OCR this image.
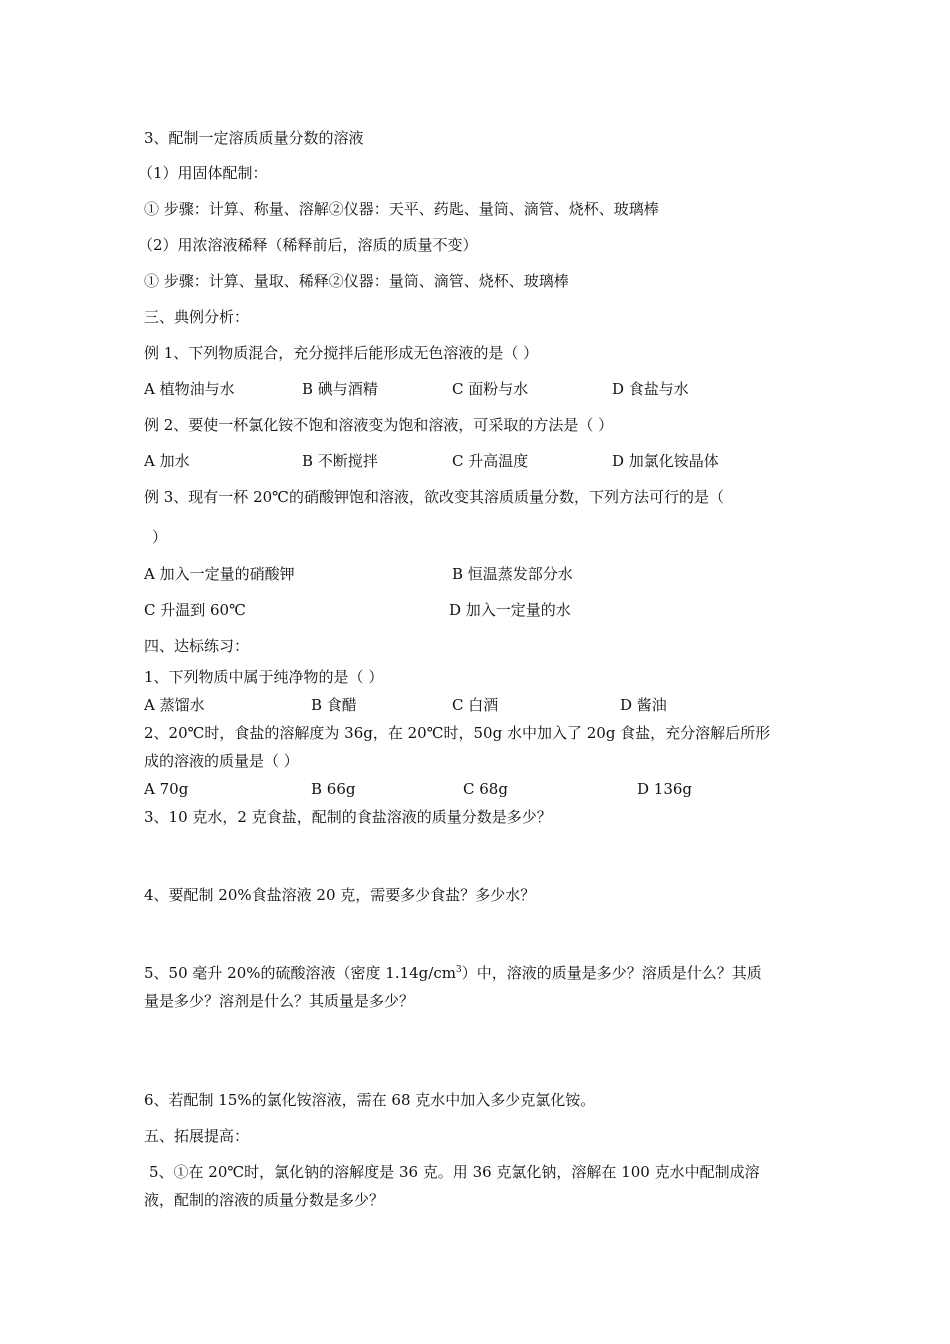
3、配制一定溶质质量分数的溶液
（1）用固体配制：
① 步骤：计算、称量、溶解②仪器：天平、药匙、量筒、滴管、烧杯、玻璃棒
（2）用浓溶液稀释（稀释前后，溶质的质量不变）
① 步骤：计算、量取、稀释②仪器：量筒、滴管、烧杯、玻璃棒
三、典例分析：
例 1、下列物质混合，充分搅拌后能形成无色溶液的是（ ）
A 植物油与水	B 碘与酒精	C 面粉与水	D 食盐与水
例 2、要使一杯氯化铵不饱和溶液变为饱和溶液，可采取的方法是（ ）
A 加水	B 不断搅拌	C 升高温度	D 加氯化铵晶体
例 3、现有一杯 20℃的硝酸钾饱和溶液，欲改变其溶质质量分数，下列方法可行的是（
）
A 加入一定量的硝酸钾	B 恒温蒸发部分水
C 升温到 60℃	D 加入一定量的水
四、达标练习：
1、下列物质中属于纯净物的是（ ）
A 蒸馏水	B 食醋	C 白酒	D 酱油
2、20℃时，食盐的溶解度为 36g，在 20℃时，50g 水中加入了 20g 食盐，充分溶解后所形
成的溶液的质量是（ ）
A 70g	B 66g	C 68g	D 136g
3、10 克水，2 克食盐，配制的食盐溶液的质量分数是多少？
4、要配制 20%食盐溶液 20 克，需要多少食盐？多少水？
5、50 毫升 20%的硫酸溶液（密度 $1.14g/cm^3$）中，溶液的质量是多少？溶质是什么？其质
量是多少？溶剂是什么？其质量是多少？
6、若配制 15%的氯化铵溶液，需在 68 克水中加入多少克氯化铵。
五、拓展提高：
5、①在 20℃时，氯化钠的溶解度是 36 克。用 36 克氯化钠，溶解在 100 克水中配制成溶
液，配制的溶液的质量分数是多少？
